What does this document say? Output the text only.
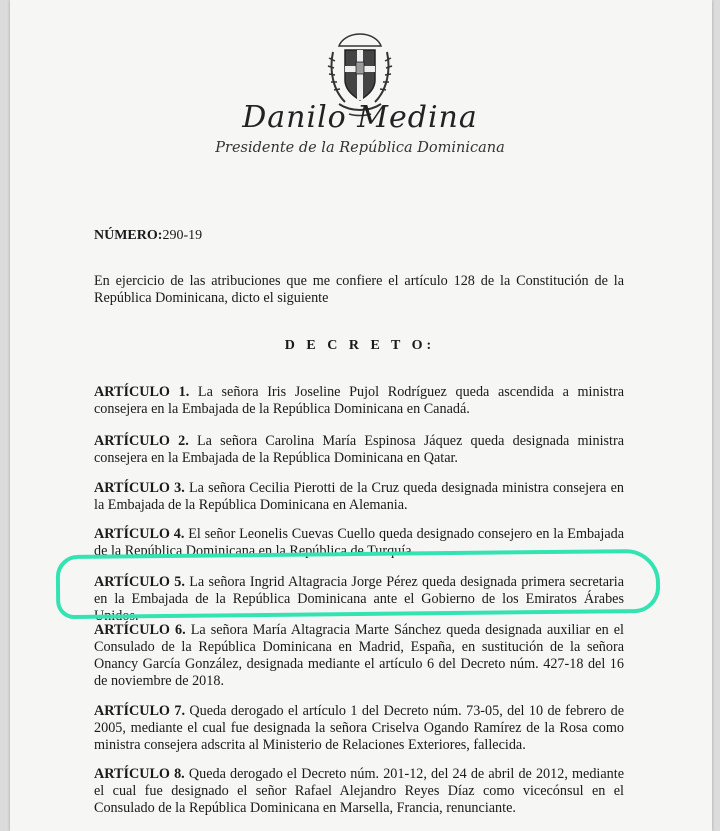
Danilo Medina
Presidente de la República Dominicana
NÚMERO:290-19
En ejercicio de las atribuciones que me confiere el artículo 128 de la Constitución de la República Dominicana, dicto el siguiente
D E C R E T O:
ARTÍCULO 1. La señora Iris Joseline Pujol Rodríguez queda ascendida a ministra consejera en la Embajada de la República Dominicana en Canadá.
ARTÍCULO 2. La señora Carolina María Espinosa Jáquez queda designada ministra consejera en la Embajada de la República Dominicana en Qatar.
ARTÍCULO 3. La señora Cecilia Pierotti de la Cruz queda designada ministra consejera en la Embajada de la República Dominicana en Alemania.
ARTÍCULO 4. El señor Leonelis Cuevas Cuello queda designado consejero en la Embajada de la República Dominicana en la República de Turquía.
ARTÍCULO 5. La señora Ingrid Altagracia Jorge Pérez queda designada primera secretaria en la Embajada de la República Dominicana ante el Gobierno de los Emiratos Árabes Unidos.
ARTÍCULO 6. La señora María Altagracia Marte Sánchez queda designada auxiliar en el Consulado de la República Dominicana en Madrid, España, en sustitución de la señora Onancy García González, designada mediante el artículo 6 del Decreto núm. 427-18 del 16 de noviembre de 2018.
ARTÍCULO 7. Queda derogado el artículo 1 del Decreto núm. 73-05, del 10 de febrero de 2005, mediante el cual fue designada la señora Criselva Ogando Ramírez de la Rosa como ministra consejera adscrita al Ministerio de Relaciones Exteriores, fallecida.
ARTÍCULO 8. Queda derogado el Decreto núm. 201-12, del 24 de abril de 2012, mediante el cual fue designado el señor Rafael Alejandro Reyes Díaz como vicecónsul en el Consulado de la República Dominicana en Marsella, Francia, renunciante.
